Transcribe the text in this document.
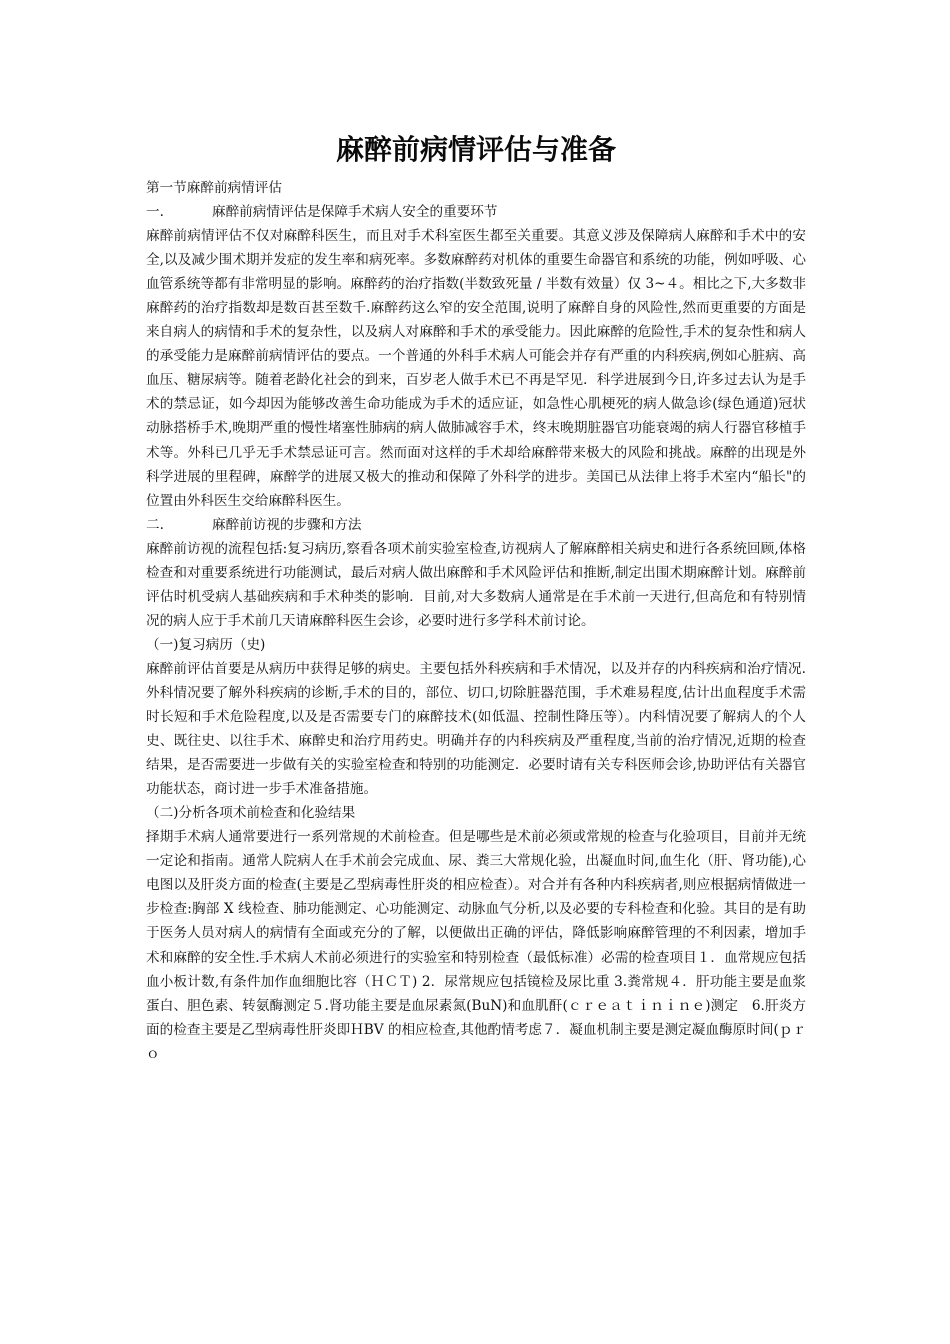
麻醉前病情评估与准备

第一节麻醉前病情评估

一.	麻醉前病情评估是保障手术病人安全的重要环节

麻醉前病情评估不仅对麻醉科医生，而且对手术科室医生都至关重要。其意义涉及保障病人麻醉和手术中的安全,以及减少围术期并发症的发生率和病死率。多数麻醉药对机体的重要生命器官和系统的功能，例如呼吸、心血管系统等都有非常明显的影响。麻醉药的治疗指数(半数致死量 / 半数有效量）仅 3~４。相比之下,大多数非麻醉药的治疗指数却是数百甚至数千.麻醉药这么窄的安全范围,说明了麻醉自身的风险性,然而更重要的方面是来自病人的病情和手术的复杂性，以及病人对麻醉和手术的承受能力。因此麻醉的危险性,手术的复杂性和病人的承受能力是麻醉前病情评估的要点。一个普通的外科手术病人可能会并存有严重的内科疾病,例如心脏病、高血压、糖尿病等。随着老龄化社会的到来，百岁老人做手术已不再是罕见．科学进展到今日,许多过去认为是手术的禁忌证，如今却因为能够改善生命功能成为手术的适应证，如急性心肌梗死的病人做急诊(绿色通道)冠状动脉搭桥手术,晚期严重的慢性堵塞性肺病的病人做肺减容手术，终末晚期脏器官功能衰竭的病人行器官移植手术等。外科已几乎无手术禁忌证可言。然而面对这样的手术却给麻醉带来极大的风险和挑战。麻醉的出现是外科学进展的里程碑，麻醉学的进展又极大的推动和保障了外科学的进步。美国已从法律上将手术室内“船长"的位置由外科医生交给麻醉科医生。

二.	麻醉前访视的步骤和方法

麻醉前访视的流程包括:复习病历,察看各项术前实验室检查,访视病人了解麻醉相关病史和进行各系统回顾,体格检查和对重要系统进行功能测试，最后对病人做出麻醉和手术风险评估和推断,制定出围术期麻醉计划。麻醉前评估时机受病人基础疾病和手术种类的影响．目前,对大多数病人通常是在手术前一天进行,但高危和有特别情况的病人应于手术前几天请麻醉科医生会诊，必要时进行多学科术前讨论。

（一)复习病历（史)

麻醉前评估首要是从病历中获得足够的病史。主要包括外科疾病和手术情况，以及并存的内科疾病和治疗情况.外科情况要了解外科疾病的诊断,手术的目的，部位、切口,切除脏器范围，手术难易程度,估计出血程度手术需时长短和手术危险程度,以及是否需要专门的麻醉技术(如低温、控制性降压等）。内科情况要了解病人的个人史、既往史、以往手术、麻醉史和治疗用药史。明确并存的内科疾病及严重程度,当前的治疗情况,近期的检查结果，是否需要进一步做有关的实验室检查和特别的功能测定．必要时请有关专科医师会诊,协助评估有关器官功能状态，商讨进一步手术准备措施。

（二)分析各项术前检查和化验结果

择期手术病人通常要进行一系列常规的术前检查。但是哪些是术前必须或常规的检查与化验项目，目前并无统一定论和指南。通常人院病人在手术前会完成血、尿、粪三大常规化验，出凝血时间,血生化（肝、肾功能),心电图以及肝炎方面的检查(主要是乙型病毒性肝炎的相应检查）。对合并有各种内科疾病者,则应根据病情做进一步检查:胸部 X 线检查、肺功能测定、心功能测定、动脉血气分析,以及必要的专科检查和化验。其目的是有助于医务人员对病人的病情有全面或充分的了解，以便做出正确的评估，降低影响麻醉管理的不利因素，增加手术和麻醉的安全性.手术病人术前必须进行的实验室和特别检查（最低标准）必需的检查项目１．血常规应包括血小板计数,有条件加作血细胞比容（ＨＣＴ) 2．尿常规应包括镜检及尿比重 3.粪常规４．肝功能主要是血浆蛋白、胆色素、转氨酶测定５.肾功能主要是血尿素氮(BuN)和血肌酐(ｃｒｅａｔｉｎｉｎｅ)测定　6.肝炎方面的检查主要是乙型病毒性肝炎即ＨBV 的相应检查,其他酌情考虑７．凝血机制主要是测定凝血酶原时间(ｐｒｏ
